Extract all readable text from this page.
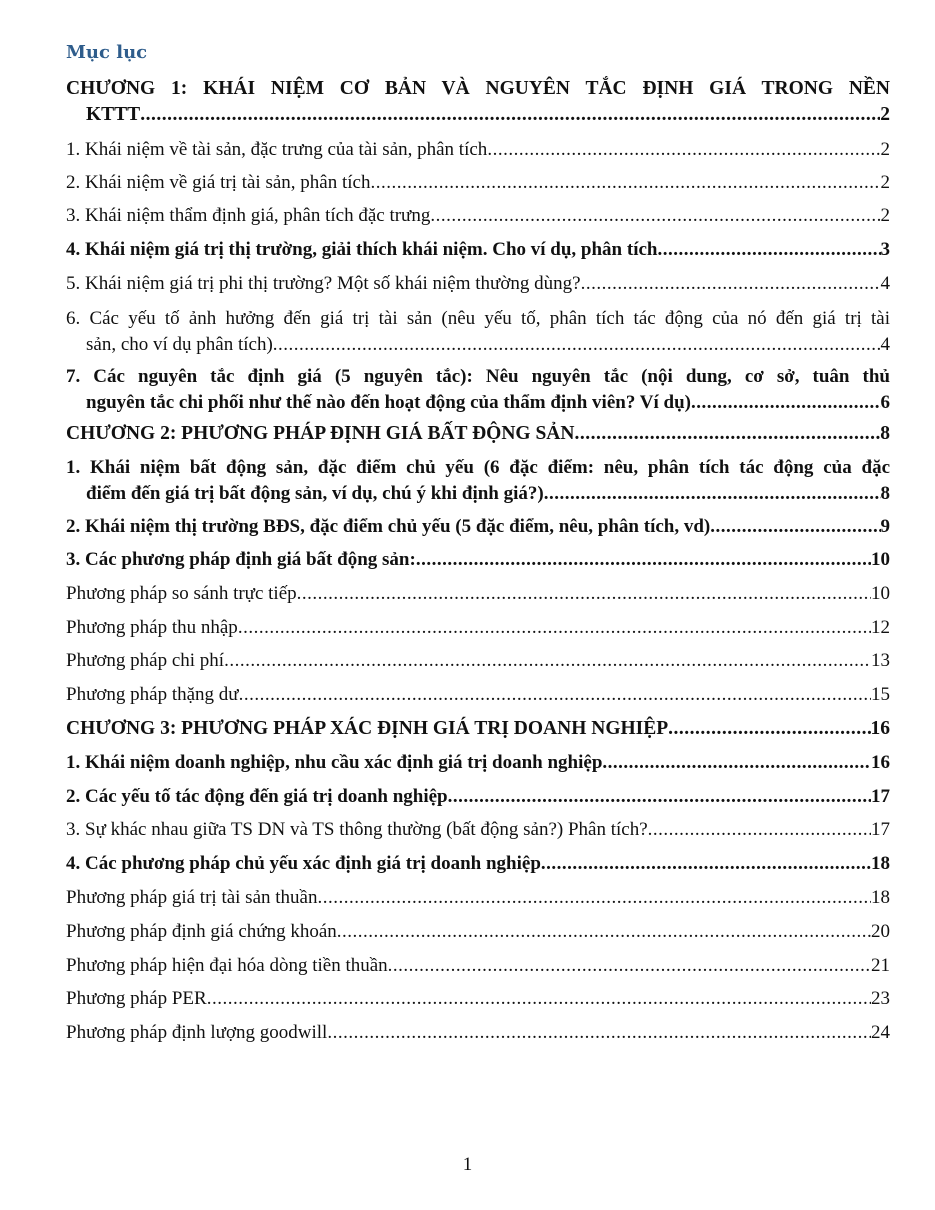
Mục lục
CHƯƠNG 1: KHÁI NIỆM CƠ BẢN VÀ NGUYÊN TẮC ĐỊNH GIÁ TRONG NỀN
KTTT .....	2
1. Khái niệm về tài sản, đặc trưng của tài sản, phân tích .....	2
2. Khái niệm về giá trị tài sản, phân tích .....	2
3. Khái niệm thẩm định giá, phân tích đặc trưng .....	2
4. Khái niệm giá trị thị trường, giải thích khái niệm. Cho ví dụ, phân tích .....	3
5. Khái niệm giá trị phi thị trường? Một số khái niệm thường dùng? .....	4
6. Các yếu tố ảnh hưởng đến giá trị tài sản (nêu yếu tố, phân tích tác động của nó đến giá trị tài
sản, cho ví dụ phân tích) .....	4
7. Các nguyên tắc định giá (5 nguyên tắc): Nêu nguyên tắc (nội dung, cơ sở, tuân thủ
nguyên tắc chi phối như thế nào đến hoạt động của thẩm định viên? Ví dụ) .....	6
CHƯƠNG 2: PHƯƠNG PHÁP ĐỊNH GIÁ BẤT ĐỘNG SẢN .....	8
1. Khái niệm bất động sản, đặc điểm chủ yếu (6 đặc điểm: nêu, phân tích tác động của đặc
điểm đến giá trị bất động sản, ví dụ, chú ý khi định giá?) .....	8
2. Khái niệm thị trường BĐS, đặc điểm chủ yếu (5 đặc điểm, nêu, phân tích, vd) .....	9
3. Các phương pháp định giá bất động sản: .....	10
Phương pháp so sánh trực tiếp .....	10
Phương pháp thu nhập .....	12
Phương pháp chi phí .....	13
Phương pháp thặng dư .....	15
CHƯƠNG 3: PHƯƠNG PHÁP XÁC ĐỊNH GIÁ TRỊ DOANH NGHIỆP .....	16
1. Khái niệm doanh nghiệp, nhu cầu xác định giá trị doanh nghiệp .....	16
2. Các yếu tố tác động đến giá trị doanh nghiệp .....	17
3. Sự khác nhau giữa TS DN và TS thông thường (bất động sản?) Phân tích? .....	17
4. Các phương pháp chủ yếu xác định giá trị doanh nghiệp .....	18
Phương pháp giá trị tài sản thuần .....	18
Phương pháp định giá chứng khoán .....	20
Phương pháp hiện đại hóa dòng tiền thuần .....	21
Phương pháp PER .....	23
Phương pháp định lượng goodwill .....	24
1
